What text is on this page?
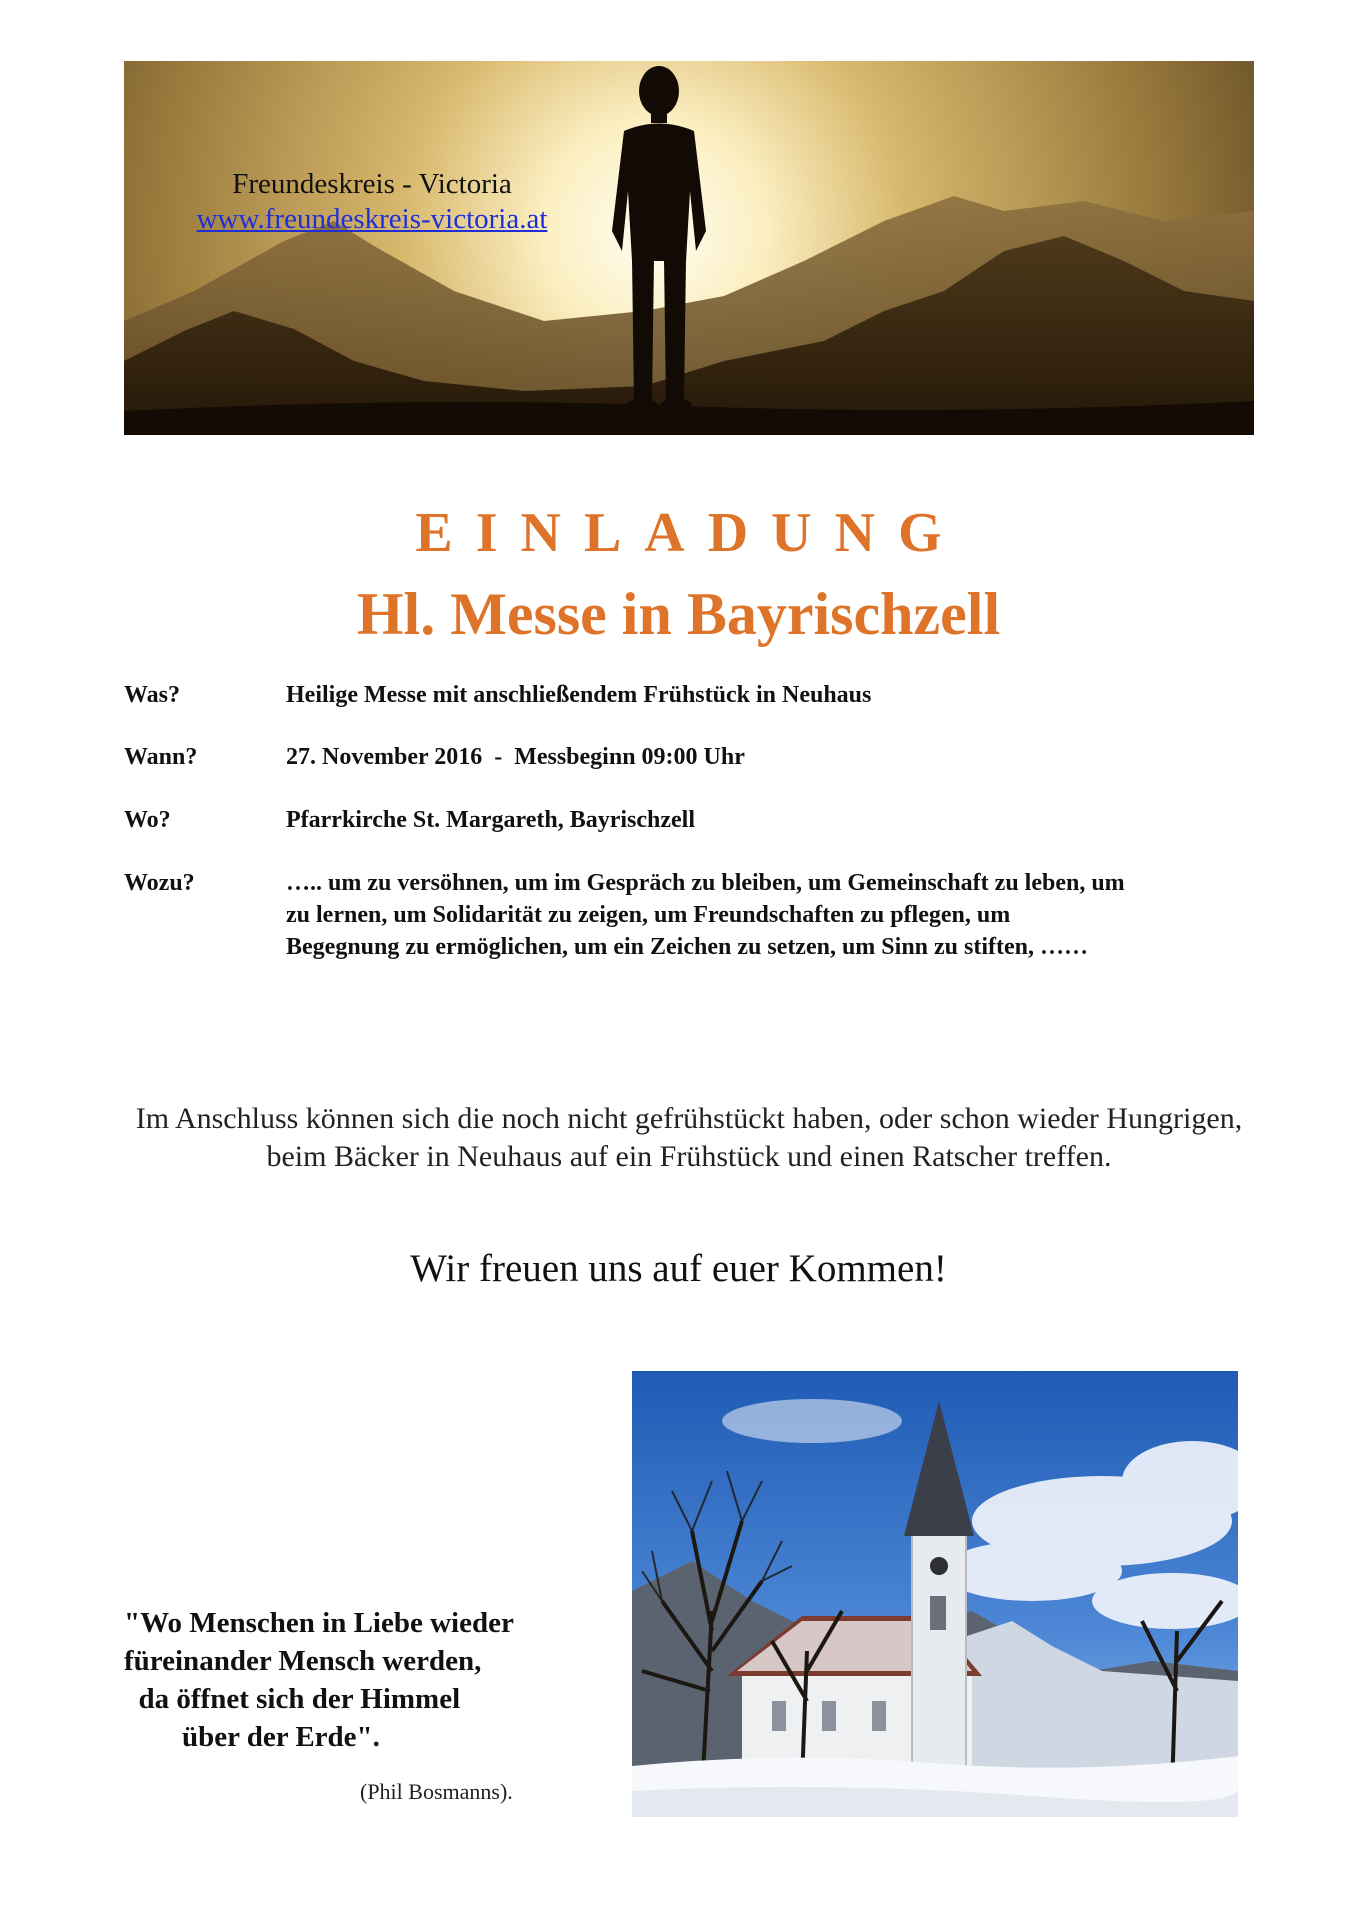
Freundeskreis - Victoria
www.freundeskreis-victoria.at
EINLADUNG
Hl. Messe in Bayrischzell
Was?	Heilige Messe mit anschließendem Frühstück in Neuhaus
Wann?	27. November 2016  -  Messbeginn 09:00 Uhr
Wo?	Pfarrkirche St. Margareth, Bayrischzell
Wozu?	….. um zu versöhnen, um im Gespräch zu bleiben, um Gemeinschaft zu leben, um zu lernen, um Solidarität zu zeigen, um Freundschaften zu pflegen, um Begegnung zu ermöglichen, um ein Zeichen zu setzen, um Sinn zu stiften, ……
Im Anschluss können sich die noch nicht gefrühstückt haben, oder schon wieder Hungrigen, beim Bäcker in Neuhaus auf ein Frühstück und einen Ratscher treffen.
Wir freuen uns auf euer Kommen!
"Wo Menschen in Liebe wieder
füreinander Mensch werden,
da öffnet sich der Himmel
über der Erde".
(Phil Bosmanns).
